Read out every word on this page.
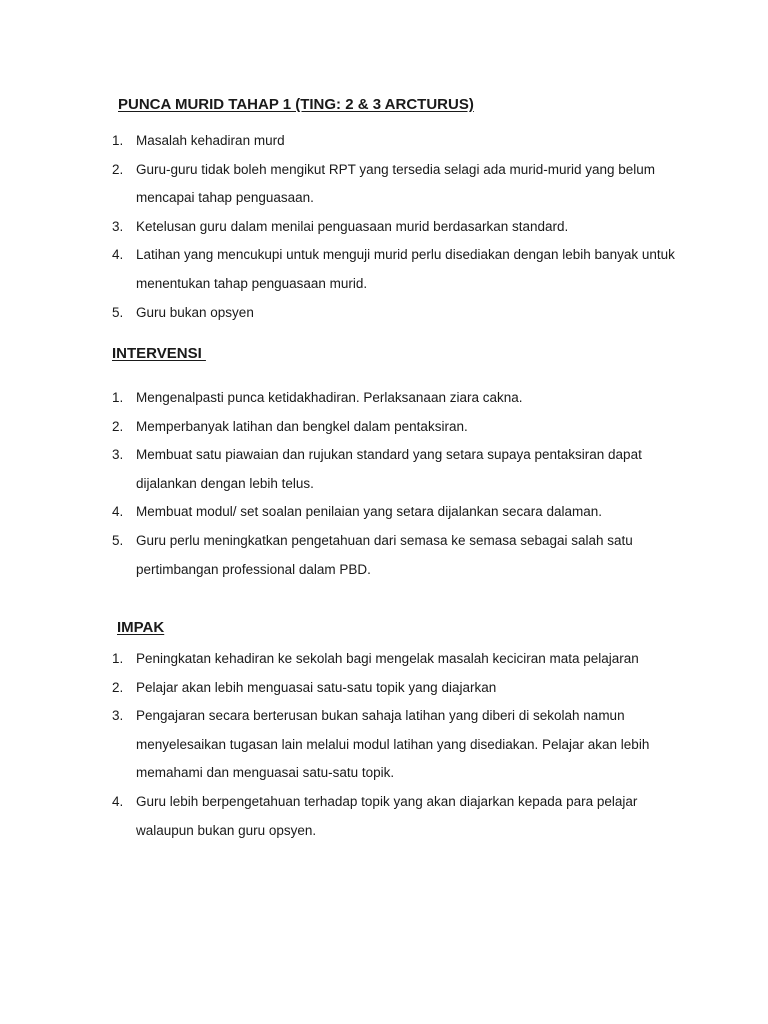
PUNCA MURID TAHAP 1 (TING: 2 & 3 ARCTURUS)
1. Masalah kehadiran murd
2. Guru-guru tidak boleh mengikut RPT yang tersedia selagi ada murid-murid yang belum mencapai tahap penguasaan.
3. Ketelusan guru dalam menilai penguasaan murid berdasarkan standard.
4. Latihan yang mencukupi untuk menguji murid perlu disediakan dengan lebih banyak untuk menentukan tahap penguasaan murid.
5. Guru bukan opsyen
INTERVENSI
1. Mengenalpasti punca ketidakhadiran. Perlaksanaan ziara cakna.
2. Memperbanyak latihan dan bengkel dalam pentaksiran.
3. Membuat satu piawaian dan rujukan standard yang setara supaya pentaksiran dapat dijalankan dengan lebih telus.
4. Membuat modul/ set soalan penilaian yang setara dijalankan secara dalaman.
5. Guru perlu meningkatkan pengetahuan dari semasa ke semasa sebagai salah satu pertimbangan professional dalam PBD.
IMPAK
1. Peningkatan kehadiran ke sekolah bagi mengelak masalah keciciran mata pelajaran
2. Pelajar akan lebih menguasai satu-satu topik yang diajarkan
3. Pengajaran secara berterusan bukan sahaja latihan yang diberi di sekolah namun menyelesaikan tugasan lain melalui modul latihan yang disediakan. Pelajar akan lebih memahami dan menguasai satu-satu topik.
4. Guru lebih berpengetahuan terhadap topik yang akan diajarkan kepada para pelajar walaupun bukan guru opsyen.
